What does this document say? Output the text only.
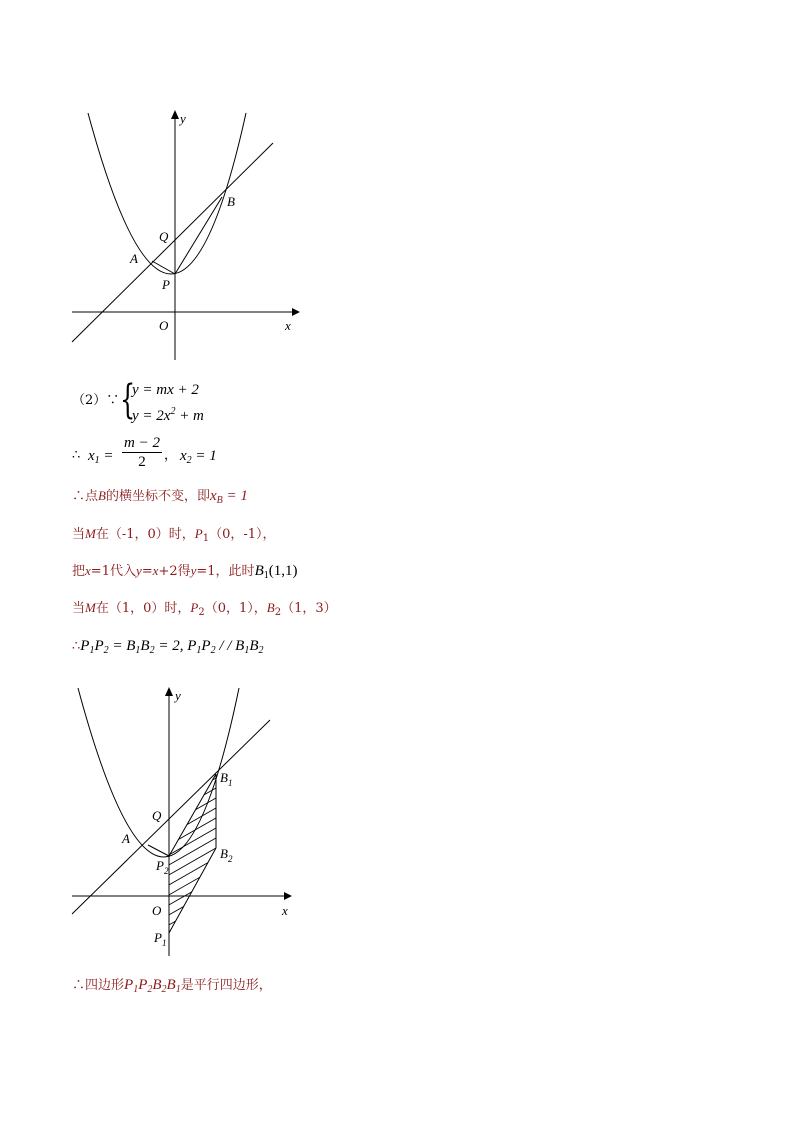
y
x
O
B
Q
A
P
（2）∵ {
y = mx + 2
$y = 2x^2 + m$
∴ $x_1 = \frac{m - 2}{2}$ ， $x_2 = 1$
∴点B的横坐标不变，即$x_B = 1$
当M在（-1，0）时，$P_1(0$，-1），
把x=1代入y=x+2得y=1，此时$B_1(1,1)$
当M在（1，0）时，$P_2(0$，1），$B_2(1$，3）
$\therefore P_1P_2 = B_1B_2 = 2$, $P_1P_2$ / / $B_1B_2$
y
x
O
$B_1$
$B_2$
Q
A
$P_2$
$P_1$
∴四边形$P_1P_2B_2B_1$是平行四边形，
